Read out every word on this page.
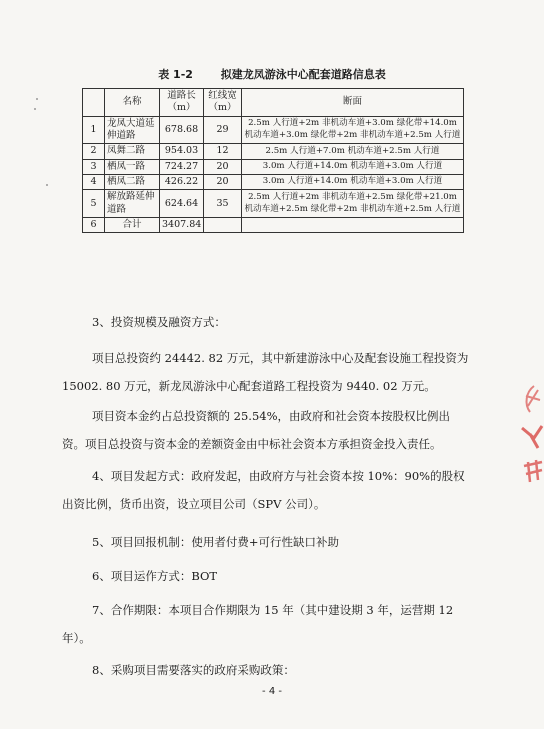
表 1-2	拟建龙凤游泳中心配套道路信息表
	名称	道路长（m）	红线宽（m）	断面
1	龙凤大道延伸道路	678.68	29	2.5m 人行道+2m 非机动车道+3.0m 绿化带+14.0m 机动车道+3.0m 绿化带+2m 非机动车道+2.5m 人行道
2	凤舞二路	954.03	12	2.5m 人行道+7.0m 机动车道+2.5m 人行道
3	栖凤一路	724.27	20	3.0m 人行道+14.0m 机动车道+3.0m 人行道
4	栖凤二路	426.22	20	3.0m 人行道+14.0m 机动车道+3.0m 人行道
5	解放路延伸道路	624.64	35	2.5m 人行道+2m 非机动车道+2.5m 绿化带+21.0m 机动车道+2.5m 绿化带+2m 非机动车道+2.5m 人行道
6	合计	3407.84		

3、投资规模及融资方式：

项目总投资约 24442. 82 万元，其中新建游泳中心及配套设施工程投资为 15002. 80 万元，新龙凤游泳中心配套道路工程投资为 9440. 02 万元。

项目资本金约占总投资额的 25.54%，由政府和社会资本按股权比例出资。项目总投资与资本金的差额资金由中标社会资本方承担资金投入责任。

4、项目发起方式：政府发起，由政府方与社会资本按 10%：90%的股权出资比例，货币出资，设立项目公司（SPV 公司）。

5、项目回报机制：使用者付费+可行性缺口补助

6、项目运作方式：BOT

7、合作期限：本项目合作期限为 15 年（其中建设期 3 年，运营期 12 年）。

8、采购项目需要落实的政府采购政策：

- 4 -
